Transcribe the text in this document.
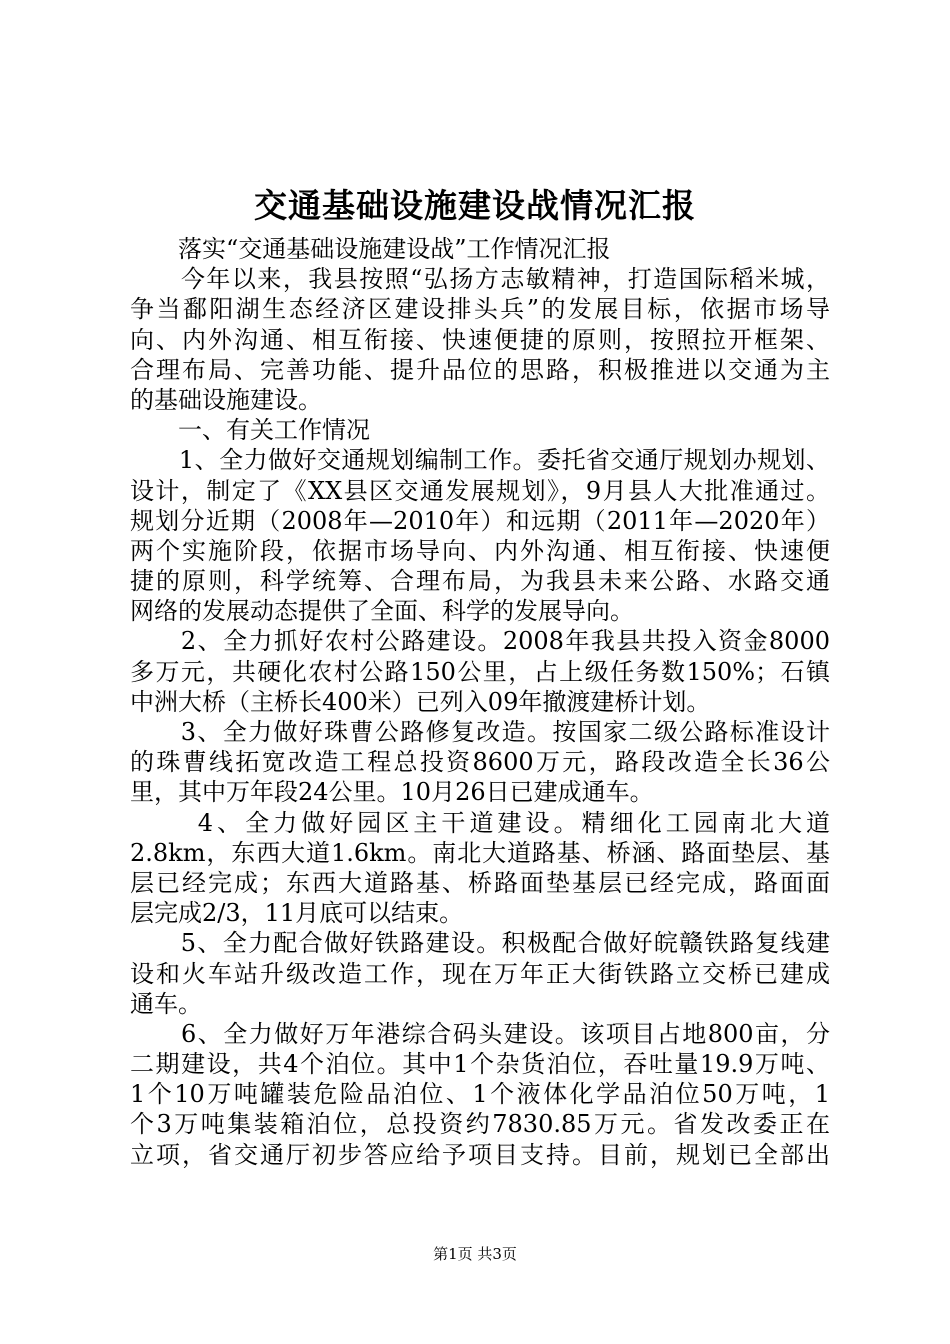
交通基础设施建设战情况汇报
　　落实“交通基础设施建设战”工作情况汇报
　　今年以来，我县按照“弘扬方志敏精神，打造国际稻米城，
争当鄱阳湖生态经济区建设排头兵”的发展目标，依据市场导
向、内外沟通、相互衔接、快速便捷的原则，按照拉开框架、
合理布局、完善功能、提升品位的思路，积极推进以交通为主
的基础设施建设。
　　一、有关工作情况
　　1、全力做好交通规划编制工作。委托省交通厅规划办规划、
设计，制定了《XX县区交通发展规划》，9月县人大批准通过。
规划分近期（2008年—2010年）和远期（2011年—2020年）
两个实施阶段，依据市场导向、内外沟通、相互衔接、快速便
捷的原则，科学统筹、合理布局，为我县未来公路、水路交通
网络的发展动态提供了全面、科学的发展导向。
　　2、全力抓好农村公路建设。2008年我县共投入资金8000
多万元，共硬化农村公路150公里，占上级任务数150%；石镇
中洲大桥（主桥长400米）已列入09年撤渡建桥计划。
　　3、全力做好珠曹公路修复改造。按国家二级公路标准设计
的珠曹线拓宽改造工程总投资8600万元，路段改造全长36公
里，其中万年段24公里。10月26日已建成通车。
　　 4、全力做好园区主干道建设。精细化工园南北大道
2.8km，东西大道1.6km。南北大道路基、桥涵、路面垫层、基
层已经完成；东西大道路基、桥路面垫基层已经完成，路面面
层完成2/3，11月底可以结束。
　　5、全力配合做好铁路建设。积极配合做好皖赣铁路复线建
设和火车站升级改造工作，现在万年正大街铁路立交桥已建成
通车。
　　6、全力做好万年港综合码头建设。该项目占地800亩，分
二期建设，共4个泊位。其中1个杂货泊位，吞吐量19.9万吨、
1个10万吨罐装危险品泊位、1个液体化学品泊位50万吨，1
个3万吨集装箱泊位，总投资约7830.85万元。省发改委正在
立项，省交通厅初步答应给予项目支持。目前，规划已全部出
第1页 共3页
